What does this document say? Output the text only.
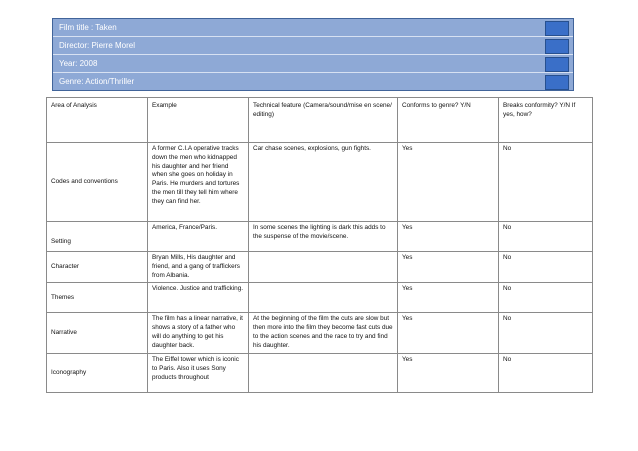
Film title : Taken
Director: Pierre Morel
Year: 2008
Genre: Action/Thriller
Area of Analysis	Example	Technical feature (Camera/sound/mise en scene/ editing)	Conforms to genre? Y/N	Breaks conformity? Y/N If yes, how?
Codes and conventions	A former C.I.A operative tracks down the men who kidnapped his daughter and her friend when she goes on holiday in Paris. He murders and tortures the men till they tell him where they can find her.	Car chase scenes, explosions, gun fights.	Yes	No
Setting	America, France/Paris.	In some scenes the lighting is dark this adds to the suspense of the movie/scene.	Yes	No
Character	Bryan Mills, His daughter and friend, and a gang of traffickers from Albania.		Yes	No
Themes	Violence. Justice and trafficking.		Yes	No
Narrative	The film has a linear narrative, it shows a story of a father who will do anything to get his daughter back.	At the beginning of the film the cuts are slow but then more into the film they become fast cuts due to the action scenes and the race to try and find his daughter.	Yes	No
Iconography	The Eiffel tower which is iconic to Paris. Also it uses Sony products throughout		Yes	No
